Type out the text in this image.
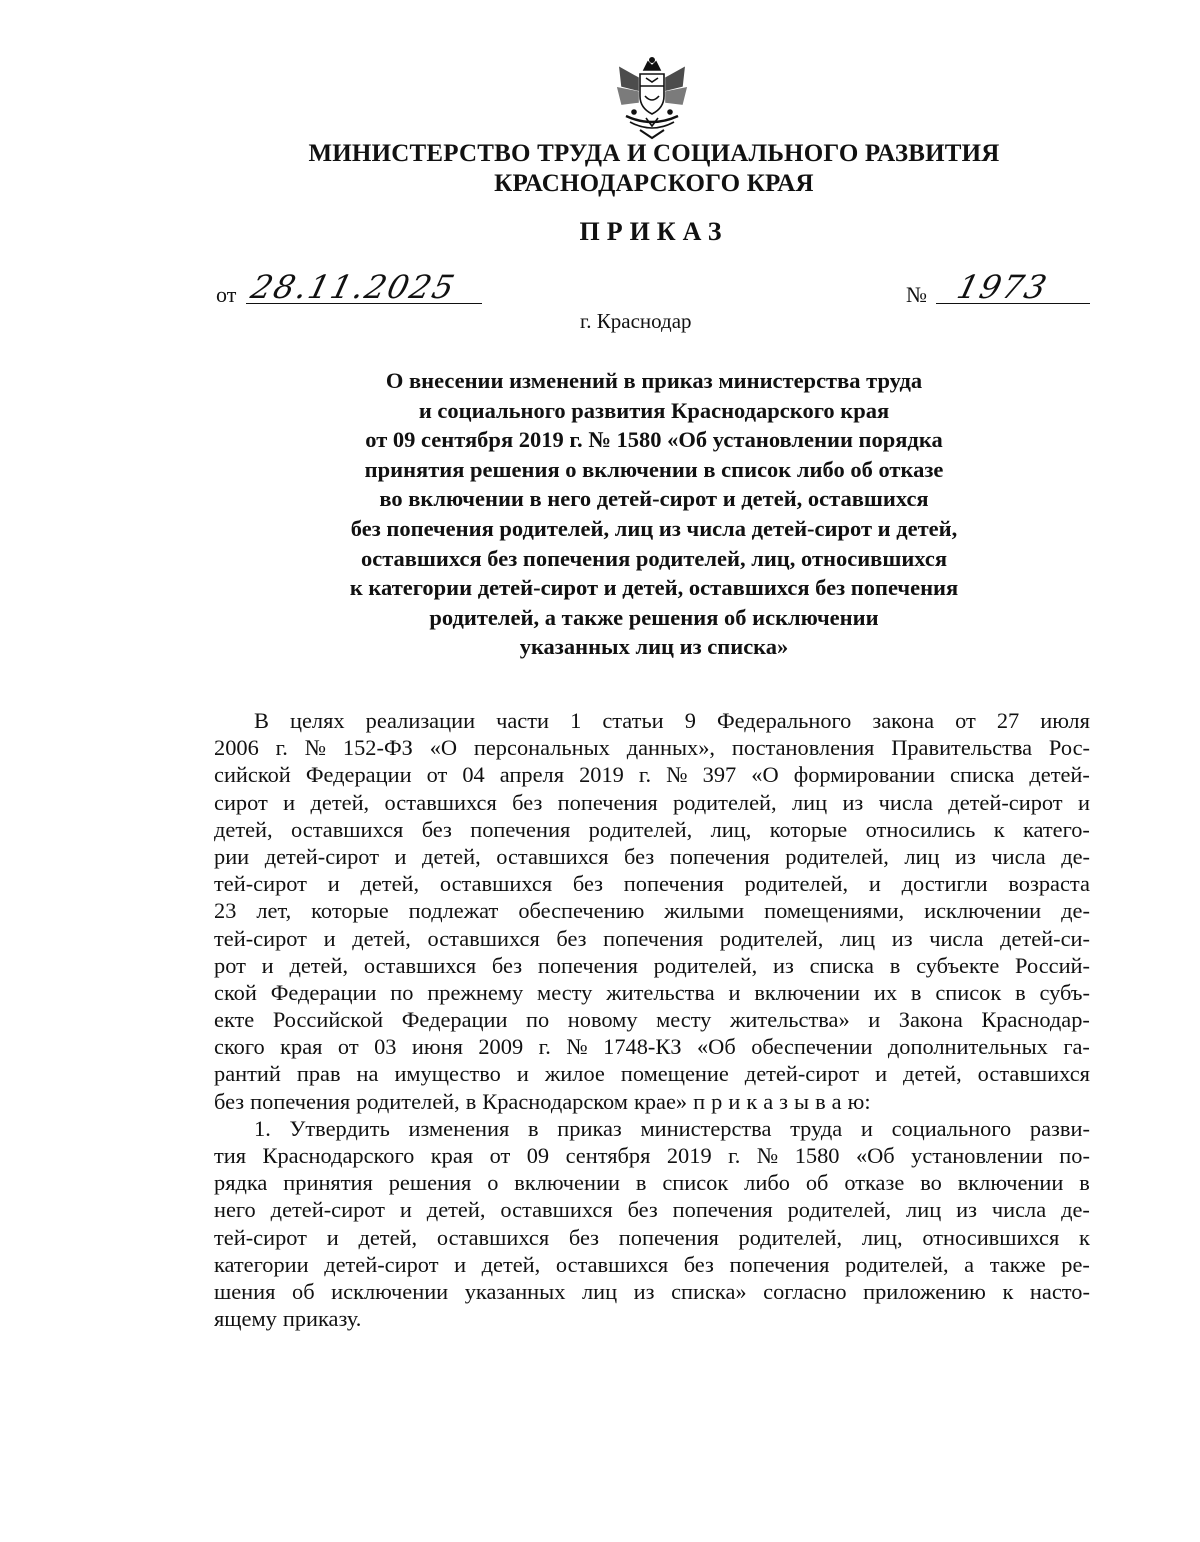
МИНИСТЕРСТВО ТРУДА И СОЦИАЛЬНОГО РАЗВИТИЯ
КРАСНОДАРСКОГО КРАЯ
ПРИКАЗ
от 28.11.2025	№ 1973
г. Краснодар
О внесении изменений в приказ министерства труда
и социального развития Краснодарского края
от 09 сентября 2019 г. № 1580 «Об установлении порядка
принятия решения о включении в список либо об отказе
во включении в него детей-сирот и детей, оставшихся
без попечения родителей, лиц из числа детей-сирот и детей,
оставшихся без попечения родителей, лиц, относившихся
к категории детей-сирот и детей, оставшихся без попечения
родителей, а также решения об исключении
указанных лиц из списка»
В целях реализации части 1 статьи 9 Федерального закона от 27 июля
2006 г. № 152-ФЗ «О персональных данных», постановления Правительства Рос-
сийской Федерации от 04 апреля 2019 г. № 397 «О формировании списка детей-
сирот и детей, оставшихся без попечения родителей, лиц из числа детей-сирот и
детей, оставшихся без попечения родителей, лиц, которые относились к катего-
рии детей-сирот и детей, оставшихся без попечения родителей, лиц из числа де-
тей-сирот и детей, оставшихся без попечения родителей, и достигли возраста
23 лет, которые подлежат обеспечению жилыми помещениями, исключении де-
тей-сирот и детей, оставшихся без попечения родителей, лиц из числа детей-си-
рот и детей, оставшихся без попечения родителей, из списка в субъекте Россий-
ской Федерации по прежнему месту жительства и включении их в список в субъ-
екте Российской Федерации по новому месту жительства» и Закона Краснодар-
ского края от 03 июня 2009 г. № 1748-КЗ «Об обеспечении дополнительных га-
рантий прав на имущество и жилое помещение детей-сирот и детей, оставшихся
без попечения родителей, в Краснодарском крае» п р и к а з ы в а ю:
1. Утвердить изменения в приказ министерства труда и социального разви-
тия Краснодарского края от 09 сентября 2019 г. № 1580 «Об установлении по-
рядка принятия решения о включении в список либо об отказе во включении в
него детей-сирот и детей, оставшихся без попечения родителей, лиц из числа де-
тей-сирот и детей, оставшихся без попечения родителей, лиц, относившихся к
категории детей-сирот и детей, оставшихся без попечения родителей, а также ре-
шения об исключении указанных лиц из списка» согласно приложению к насто-
ящему приказу.
